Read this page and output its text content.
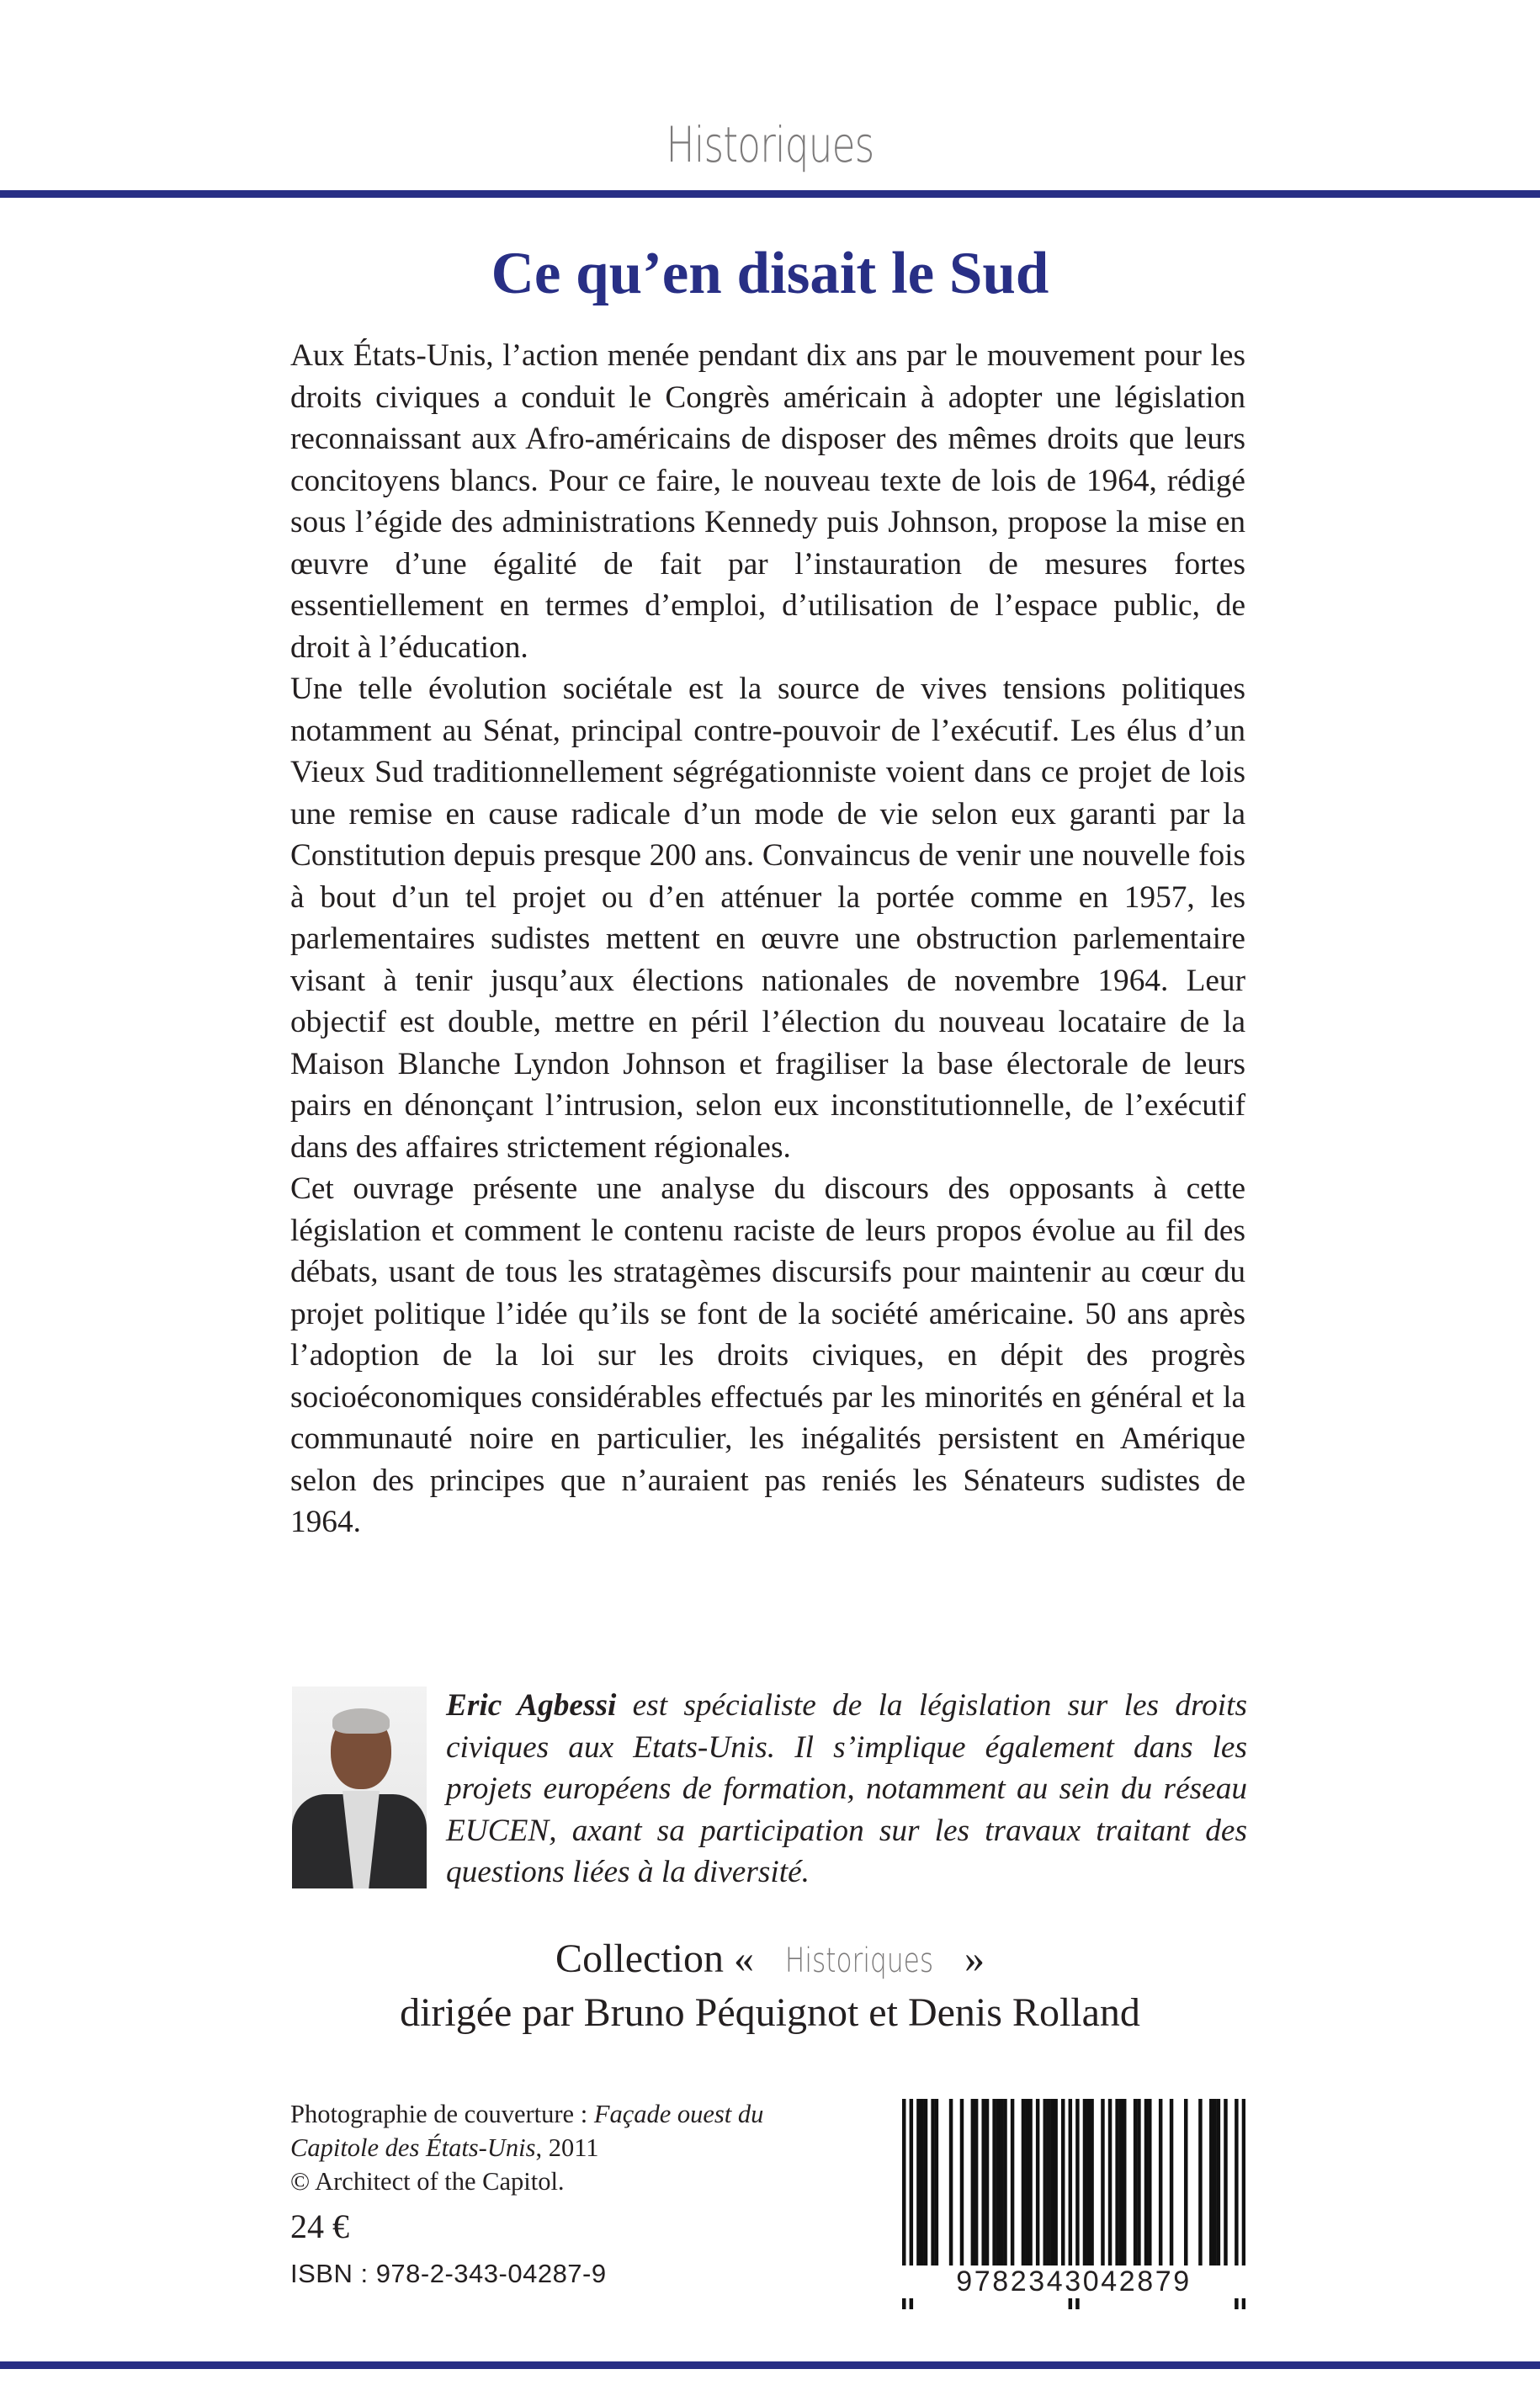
Historiques
Ce qu’en disait le Sud

Aux États-Unis, l’action menée pendant dix ans par le mouvement pour les droits civiques a conduit le Congrès américain à adopter une législation reconnaissant aux Afro-américains de disposer des mêmes droits que leurs concitoyens blancs. Pour ce faire, le nouveau texte de lois de 1964, rédigé sous l’égide des administrations Kennedy puis Johnson, propose la mise en œuvre d’une égalité de fait par l’instauration de mesures fortes essentiellement en termes d’emploi, d’utilisation de l’espace public, de droit à l’éducation.

Une telle évolution sociétale est la source de vives tensions politiques notamment au Sénat, principal contre-pouvoir de l’exécutif. Les élus d’un Vieux Sud traditionnellement ségrégationniste voient dans ce projet de lois une remise en cause radicale d’un mode de vie selon eux garanti par la Constitution depuis presque 200 ans. Convaincus de venir une nouvelle fois à bout d’un tel projet ou d’en atténuer la portée comme en 1957, les parlementaires sudistes mettent en œuvre une obstruction parlementaire visant à tenir jusqu’aux élections nationales de novembre 1964. Leur objectif est double, mettre en péril l’élection du nouveau locataire de la Maison Blanche Lyndon Johnson et fragiliser la base électorale de leurs pairs en dénonçant l’intrusion, selon eux inconstitutionnelle, de l’exécutif dans des affaires strictement régionales.

Cet ouvrage présente une analyse du discours des opposants à cette législation et comment le contenu raciste de leurs propos évolue au fil des débats, usant de tous les stratagèmes discursifs pour maintenir au cœur du projet politique l’idée qu’ils se font de la société américaine. 50 ans après l’adoption de la loi sur les droits civiques, en dépit des progrès socioéconomiques considérables effectués par les minorités en général et la communauté noire en particulier, les inégalités persistent en Amérique selon des principes que n’auraient pas reniés les Sénateurs sudistes de 1964.

Eric Agbessi est spécialiste de la législation sur les droits civiques aux Etats-Unis. Il s’implique également dans les projets européens de formation, notamment au sein du réseau EUCEN, axant sa participation sur les travaux traitant des questions liées à la diversité.

Collection « Historiques »
dirigée par Bruno Péquignot et Denis Rolland

Photographie de couverture : Façade ouest du Capitole des États-Unis, 2011

© Architect of the Capitol.

24 €
ISBN : 978-2-343-04287-9	9782343042879
